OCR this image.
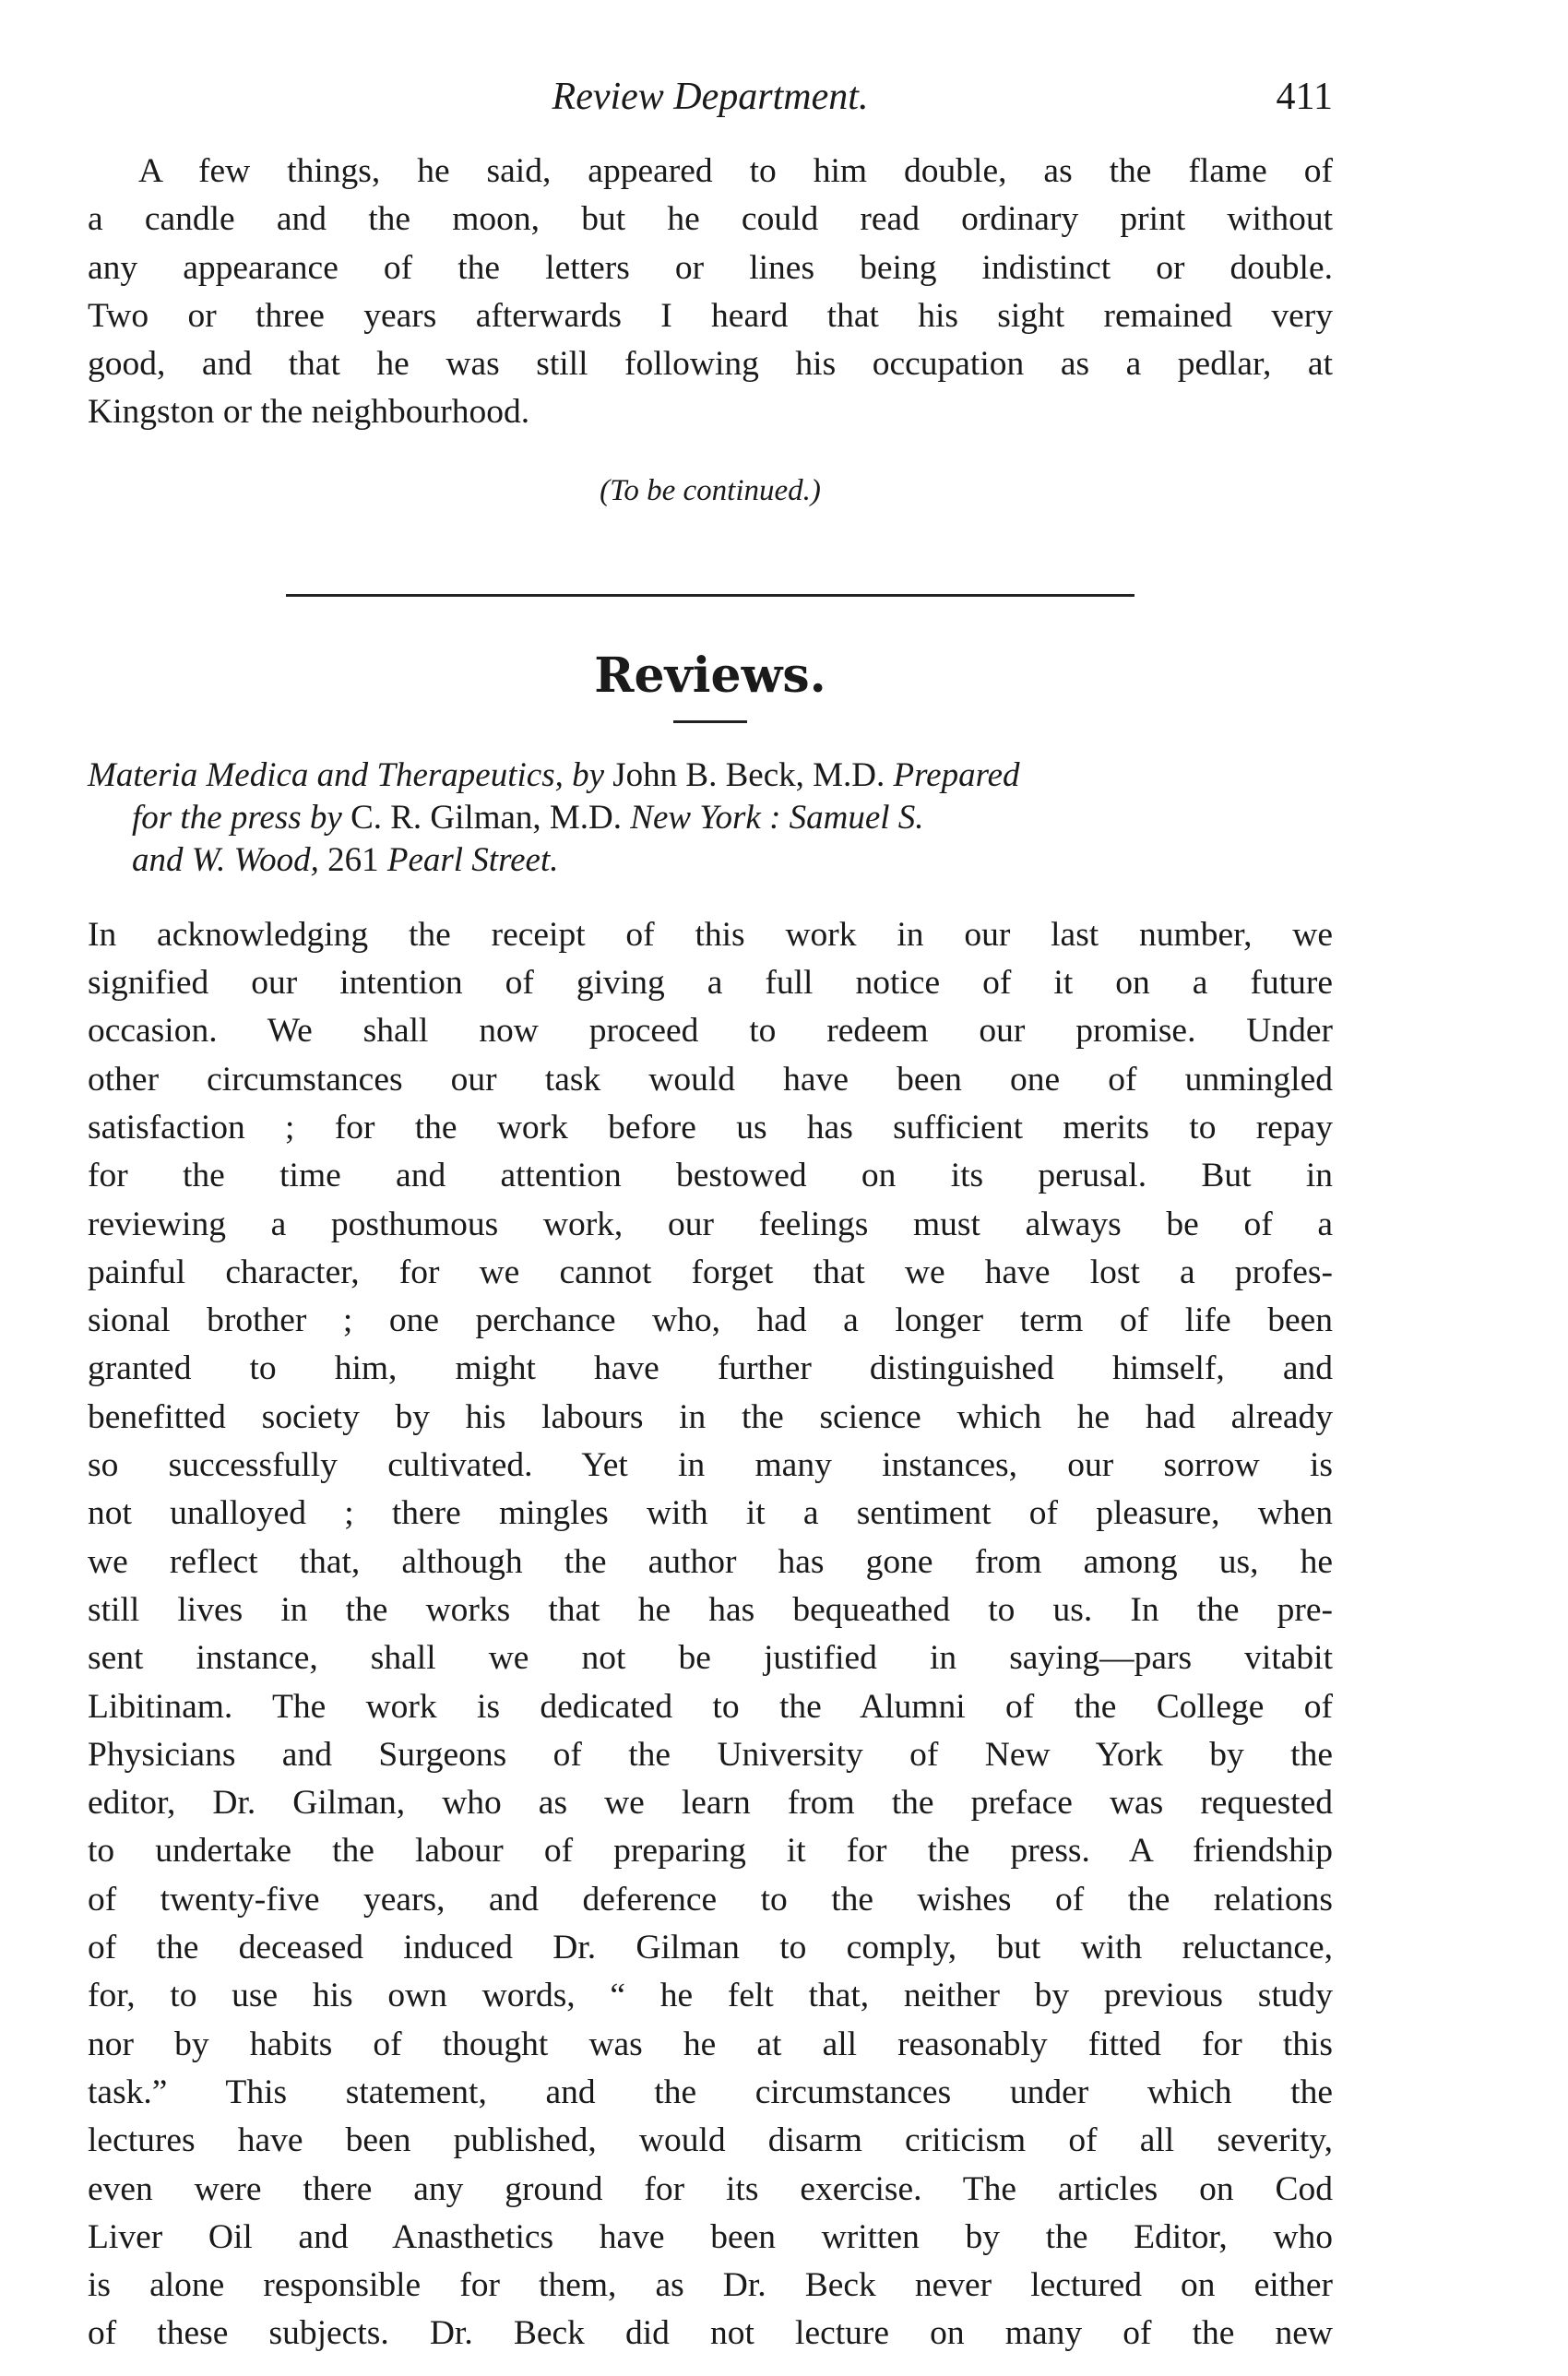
Review Department.	411

A few things, he said, appeared to him double, as the flame of
a candle and the moon, but he could read ordinary print without
any appearance of the letters or lines being indistinct or double.
Two or three years afterwards I heard that his sight remained very
good, and that he was still following his occupation as a pedlar, at
Kingston or the neighbourhood.

(To be continued.)
Reviews.
Materia Medica and Therapeutics, by John B. Beck, M.D. Prepared
for the press by C. R. Gilman, M.D. New York : Samuel S.
and W. Wood, 261 Pearl Street.

In acknowledging the receipt of this work in our last number, we
signified our intention of giving a full notice of it on a future
occasion. We shall now proceed to redeem our promise. Under
other circumstances our task would have been one of unmingled
satisfaction ; for the work before us has sufficient merits to repay
for the time and attention bestowed on its perusal. But in
reviewing a posthumous work, our feelings must always be of a
painful character, for we cannot forget that we have lost a profes-
sional brother ; one perchance who, had a longer term of life been
granted to him, might have further distinguished himself, and
benefitted society by his labours in the science which he had already
so successfully cultivated. Yet in many instances, our sorrow is
not unalloyed ; there mingles with it a sentiment of pleasure, when
we reflect that, although the author has gone from among us, he
still lives in the works that he has bequeathed to us. In the pre-
sent instance, shall we not be justified in saying—pars vitabit
Libitinam. The work is dedicated to the Alumni of the College of
Physicians and Surgeons of the University of New York by the
editor, Dr. Gilman, who as we learn from the preface was requested
to undertake the labour of preparing it for the press. A friendship
of twenty-five years, and deference to the wishes of the relations
of the deceased induced Dr. Gilman to comply, but with reluctance,
for, to use his own words, “ he felt that, neither by previous study
nor by habits of thought was he at all reasonably fitted for this
task.” This statement, and the circumstances under which the
lectures have been published, would disarm criticism of all severity,
even were there any ground for its exercise. The articles on Cod
Liver Oil and Anasthetics have been written by the Editor, who
is alone responsible for them, as Dr. Beck never lectured on either
of these subjects. Dr. Beck did not lecture on many of the new
